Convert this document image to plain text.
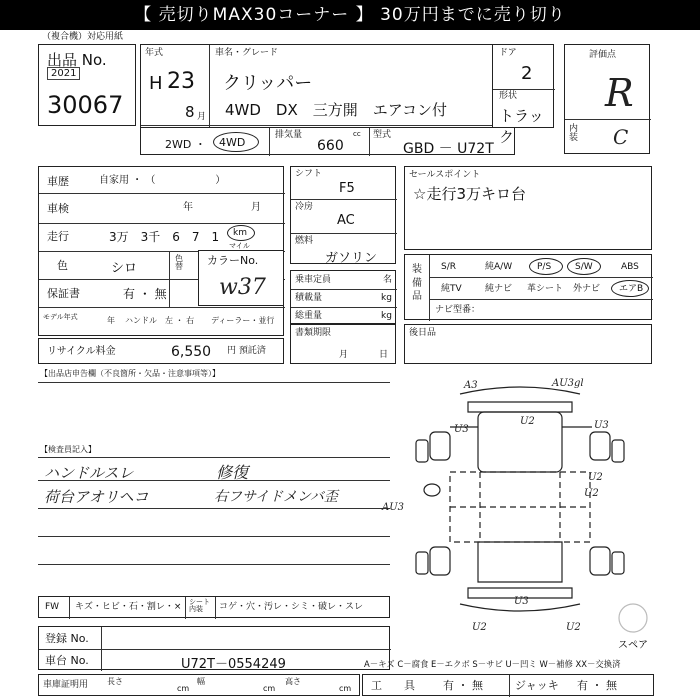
【 売切りMAX30コーナー 】 30万円までに売り切り
（複合機）対応用紙
出品 No.
2021
30067
年式
H 23
8 月
車名・グレード
クリッパー
4WD　DX　三方開　エアコン付
2WD ・ 4WD
排気量	cc
660
型式
GBD － U72T
ドア
2
形状
トラック
評価点
R
内装 C
車歴	自家用 ・ （　　　　　　）
車検	年	月
走行	3万　3千　6　7　1 km
マイル
色	シロ
色替
保証書	有 ・ 無
モデル年式	年 ハンドル 左 ・ 右 ディーラー・並行
カラーNo.
w37
リサイクル料金	6,550 円 預託済
シフト
F5
冷房
AC
燃料
ガソリン
乗車定員	名
積載量	kg
総重量	kg
書類期限
月	日
セールスポイント
☆走行3万キロ台
装備品
S/R	純A/W	P/S	S/W	ABS
純TV	純ナビ 革シート 外ナビ エアB
ナビ型番：
後日品
【出品店申告欄（不良箇所・欠品・注意事項等）】
【検査員記入】
ハンドルスレ
荷台アオリヘコ
修復
右フサイドメンバ歪
A3	AU3gl
U3
U2	U3
U2
U2
AU3
U3
U2	U2
スペア
FW キズ・ヒビ・石・割レ・× シート内装	コゲ・穴・汚レ・シミ・破レ・スレ
登録 No.
車台 No.	U72T－0554249
車庫証明用 長さ
cm
幅
cm
高さ
cm
A－キズ C－腐食 E－エクボ S－サビ U－凹ミ W－補修 XX－交換済
工　　具	有 ・ 無	ジャッキ 有 ・ 無
